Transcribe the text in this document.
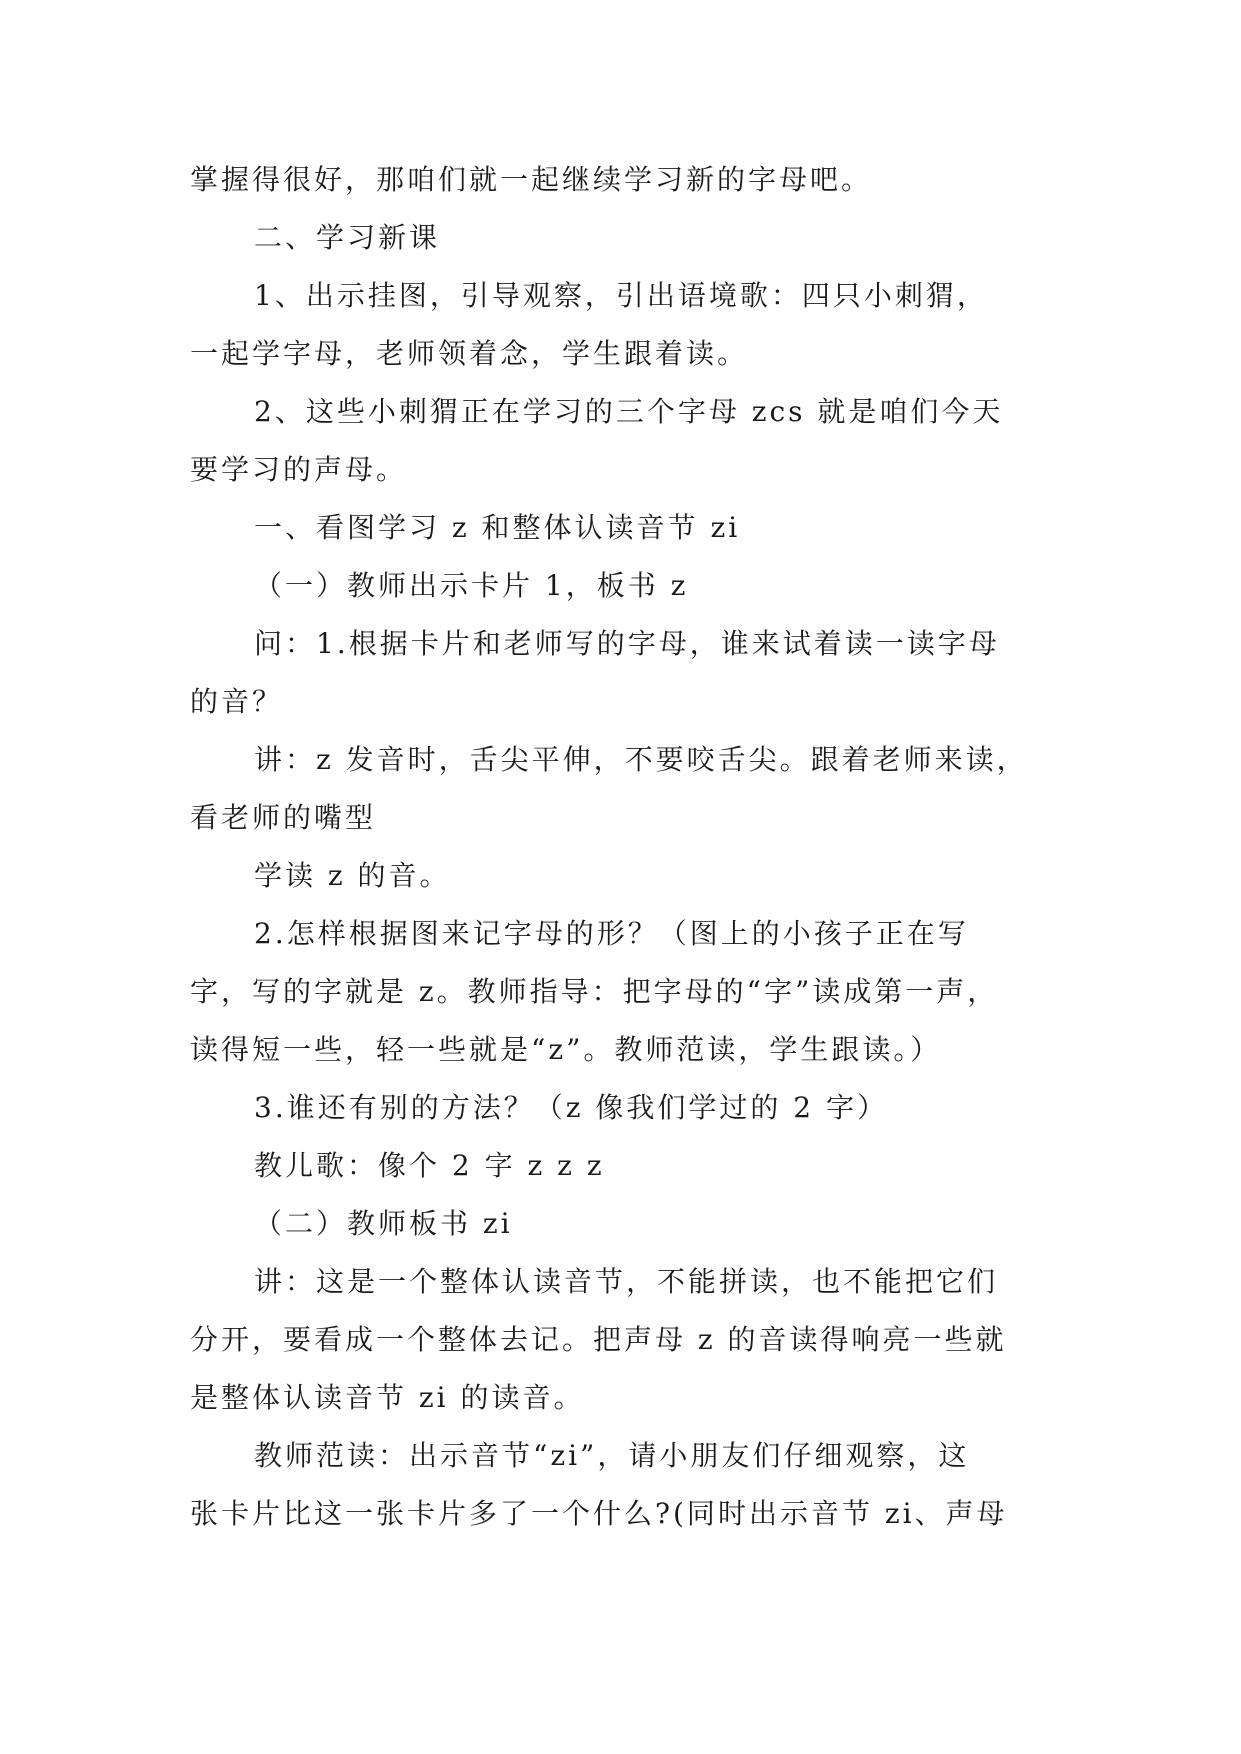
掌握得很好，那咱们就一起继续学习新的字母吧。
二、学习新课
1、出示挂图，引导观察，引出语境歌：四只小刺猬，
一起学字母，老师领着念，学生跟着读。
2、这些小刺猬正在学习的三个字母 zcs 就是咱们今天
要学习的声母。
一、看图学习 z 和整体认读音节 zi
（一）教师出示卡片 1，板书 z
问：1.根据卡片和老师写的字母，谁来试着读一读字母
的音？
讲：z 发音时，舌尖平伸，不要咬舌尖。跟着老师来读，
看老师的嘴型
学读 z 的音。
2.怎样根据图来记字母的形？（图上的小孩子正在写
字，写的字就是 z。教师指导：把字母的“字”读成第一声，
读得短一些，轻一些就是“z”。教师范读，学生跟读。）
3.谁还有别的方法？（z 像我们学过的 2 字）
教儿歌：像个 2 字 z z z
（二）教师板书 zi
讲：这是一个整体认读音节，不能拼读，也不能把它们
分开，要看成一个整体去记。把声母 z 的音读得响亮一些就
是整体认读音节 zi 的读音。
教师范读：出示音节“zi”，请小朋友们仔细观察，这
张卡片比这一张卡片多了一个什么?(同时出示音节 zi、声母
